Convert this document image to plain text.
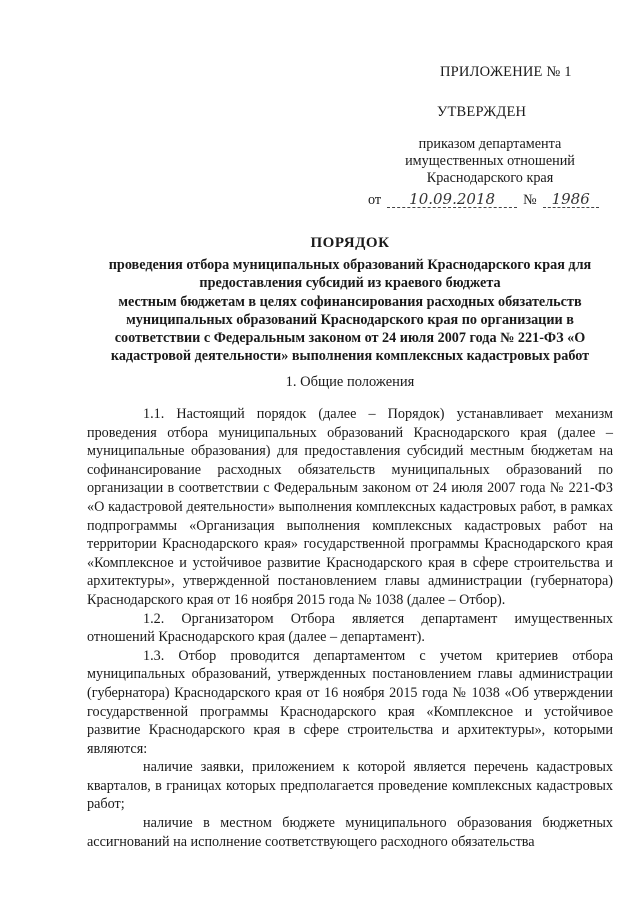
ПРИЛОЖЕНИЕ № 1
УТВЕРЖДЕН
приказом департамента
имущественных отношений
Краснодарского края
от 10.09.2018 № 1986
ПОРЯДОК
проведения отбора муниципальных образований Краснодарского края для
предоставления субсидий из краевого бюджета
местным бюджетам в целях софинансирования расходных обязательств
муниципальных образований Краснодарского края по организации в
соответствии с Федеральным законом от 24 июля 2007 года № 221-ФЗ «О
кадастровой деятельности» выполнения комплексных кадастровых работ
1. Общие положения

1.1. Настоящий порядок (далее – Порядок) устанавливает механизм проведения отбора муниципальных образований Краснодарского края (далее – муниципальные образования) для предоставления субсидий местным бюджетам на софинансирование расходных обязательств муниципальных образований по организации в соответствии с Федеральным законом от 24 июля 2007 года № 221-ФЗ «О кадастровой деятельности» выполнения комплексных кадастровых работ, в рамках подпрограммы «Организация выполнения комплексных кадастровых работ на территории Краснодарского края» государственной программы Краснодарского края «Комплексное и устойчивое развитие Краснодарского края в сфере строительства и архитектуры», утвержденной постановлением главы администрации (губернатора) Краснодарского края от 16 ноября 2015 года № 1038 (далее – Отбор).

1.2. Организатором Отбора является департамент имущественных отношений Краснодарского края (далее – департамент).

1.3. Отбор проводится департаментом с учетом критериев отбора муниципальных образований, утвержденных постановлением главы администрации (губернатора) Краснодарского края от 16 ноября 2015 года № 1038 «Об утверждении государственной программы Краснодарского края «Комплексное и устойчивое развитие Краснодарского края в сфере строительства и архитектуры», которыми являются:

наличие заявки, приложением к которой является перечень кадастровых кварталов, в границах которых предполагается проведение комплексных кадастровых работ;

наличие в местном бюджете муниципального образования бюджетных ассигнований на исполнение соответствующего расходного обязательства
